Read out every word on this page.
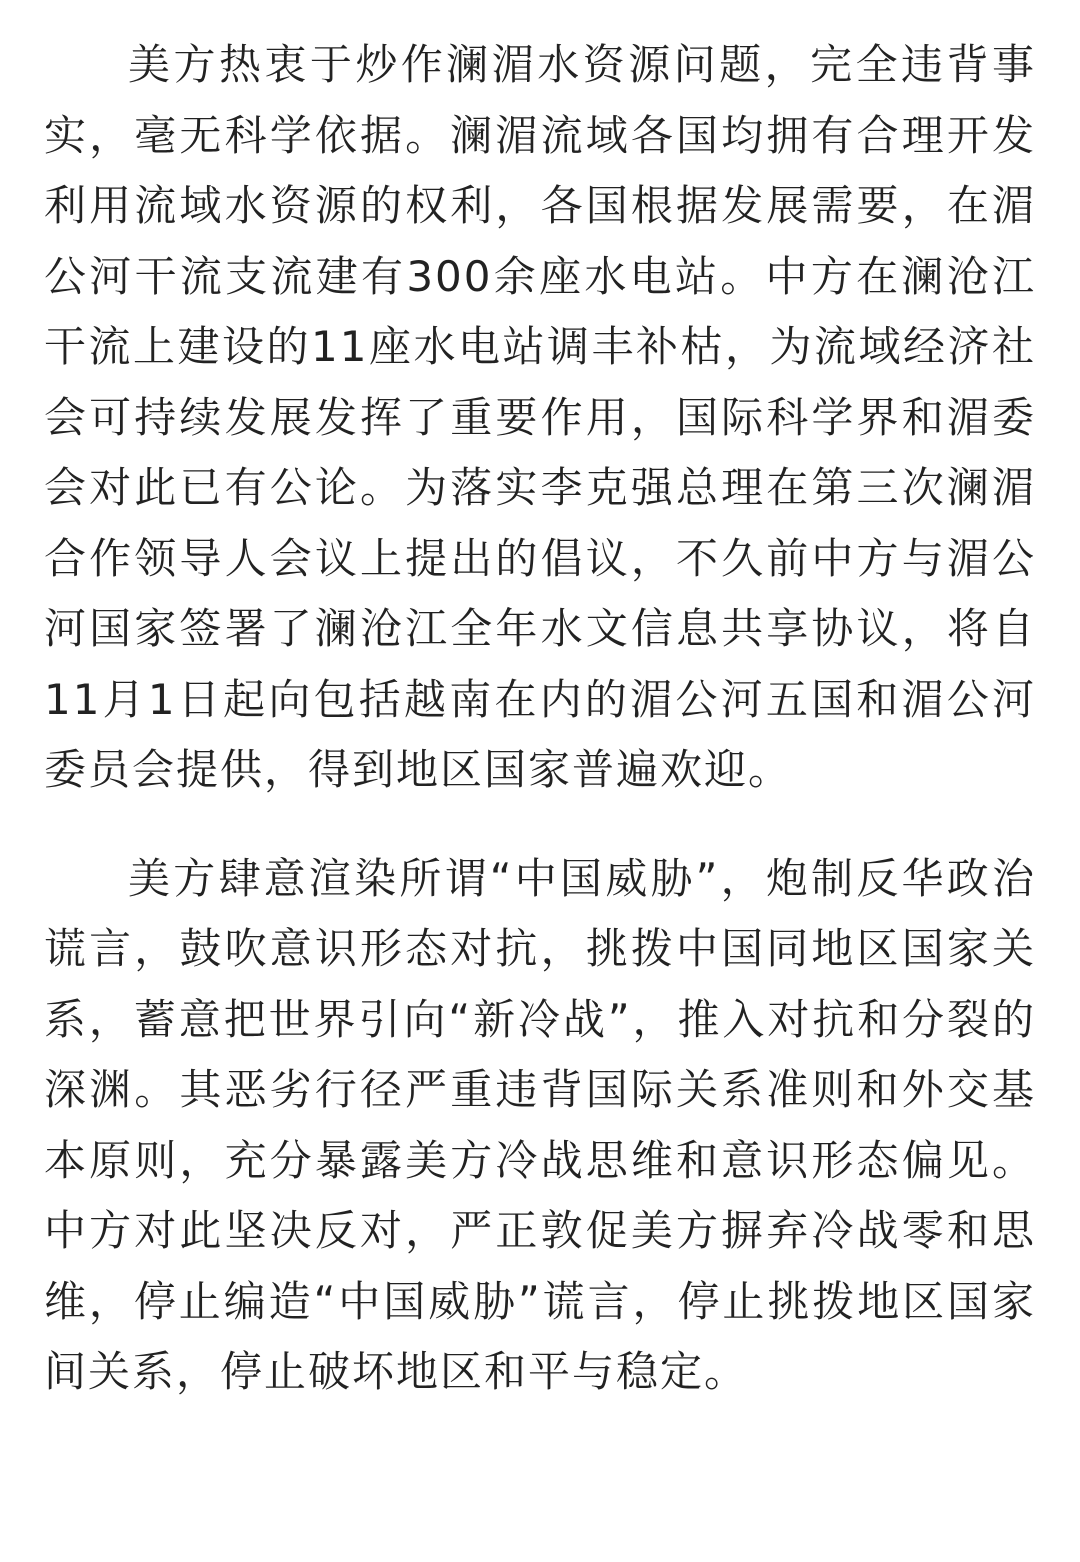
美方热衷于炒作澜湄水资源问题，完全违背事实，毫无科学依据。澜湄流域各国均拥有合理开发利用流域水资源的权利，各国根据发展需要，在湄公河干流支流建有300余座水电站。中方在澜沧江干流上建设的11座水电站调丰补枯，为流域经济社会可持续发展发挥了重要作用，国际科学界和湄委会对此已有公论。为落实李克强总理在第三次澜湄合作领导人会议上提出的倡议，不久前中方与湄公河国家签署了澜沧江全年水文信息共享协议，将自11月1日起向包括越南在内的湄公河五国和湄公河委员会提供，得到地区国家普遍欢迎。

美方肆意渲染所谓“中国威胁”，炮制反华政治谎言，鼓吹意识形态对抗，挑拨中国同地区国家关系，蓄意把世界引向“新冷战”，推入对抗和分裂的深渊。其恶劣行径严重违背国际关系准则和外交基本原则，充分暴露美方冷战思维和意识形态偏见。中方对此坚决反对，严正敦促美方摒弃冷战零和思维，停止编造“中国威胁”谎言，停止挑拨地区国家间关系，停止破坏地区和平与稳定。
